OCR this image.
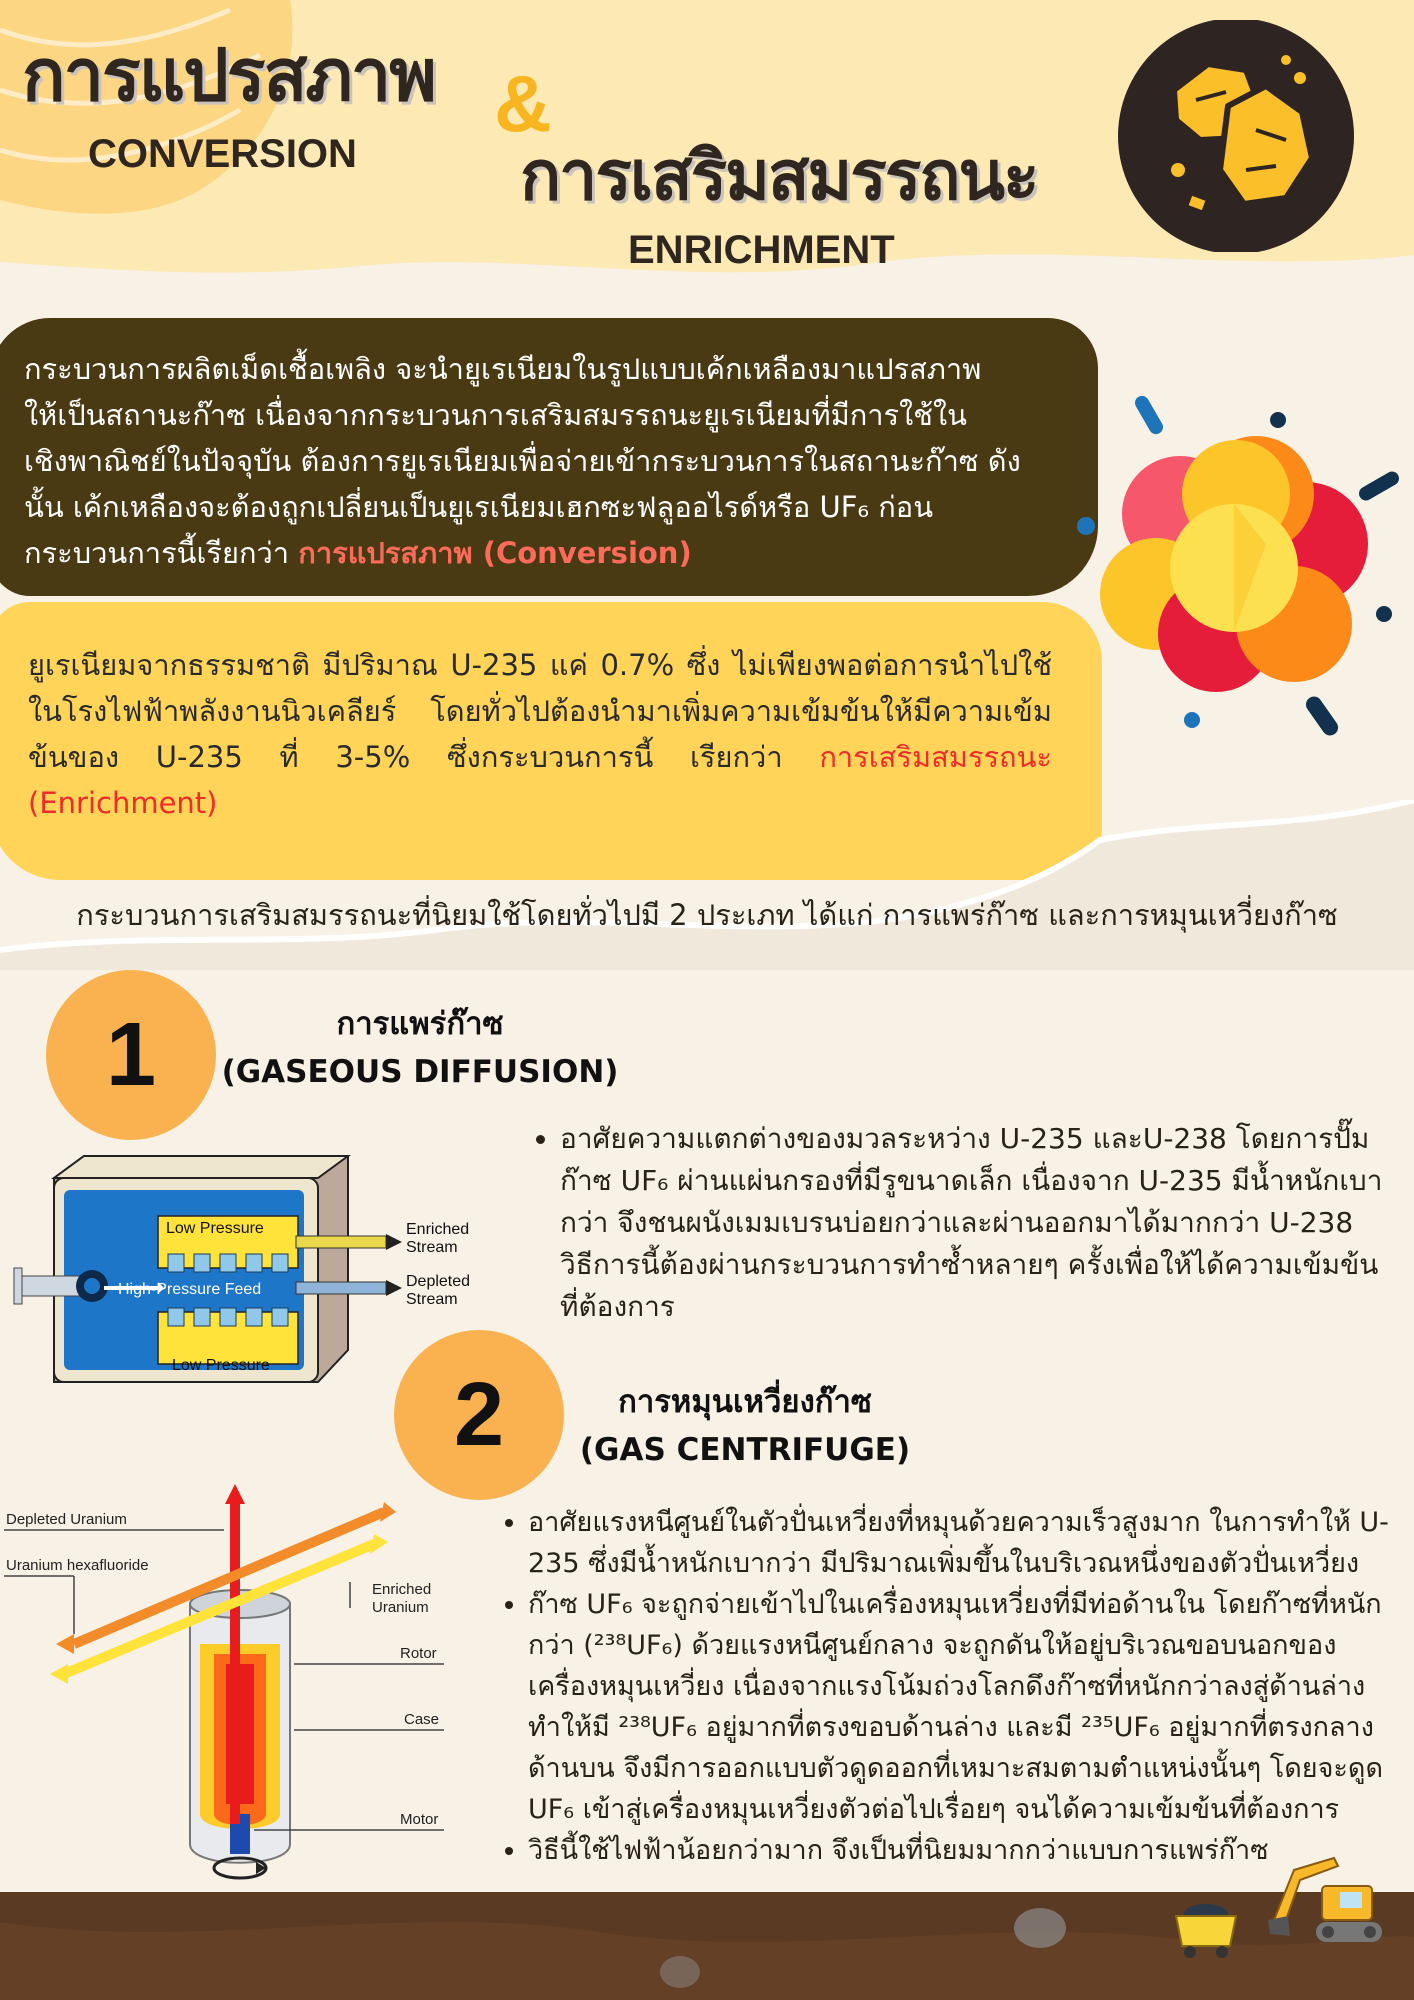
การแปรสภาพ
CONVERSION
&
การเสริมสมรรถนะ
ENRICHMENT
กระบวนการผลิตเม็ดเชื้อเพลิง จะนำยูเรเนียมในรูปแบบเค้กเหลืองมาแปรสภาพ
ให้เป็นสถานะก๊าซ เนื่องจากกระบวนการเสริมสมรรถนะยูเรเนียมที่มีการใช้ใน
เชิงพาณิชย์ในปัจจุบัน ต้องการยูเรเนียมเพื่อจ่ายเข้ากระบวนการในสถานะก๊าซ ดัง
นั้น เค้กเหลืองจะต้องถูกเปลี่ยนเป็นยูเรเนียมเฮกซะฟลูออไรด์หรือ UF₆ ก่อน
กระบวนการนี้เรียกว่า การแปรสภาพ (Conversion)
ยูเรเนียมจากธรรมชาติ มีปริมาณ U-235 แค่ 0.7% ซึ่ง ไม่เพียงพอต่อการนำไปใช้ในโรงไฟฟ้าพลังงานนิวเคลียร์ โดยทั่วไปต้องนำมาเพิ่มความเข้มข้นให้มีความเข้มข้นของ U-235 ที่ 3-5% ซึ่งกระบวนการนี้ เรียกว่า การเสริมสมรรถนะ (Enrichment)
กระบวนการเสริมสมรรถนะที่นิยมใช้โดยทั่วไปมี 2 ประเภท ได้แก่ การแพร่ก๊าซ และการหมุนเหวี่ยงก๊าซ
1	การแพร่ก๊าซ
(GASEOUS DIFFUSION)
Low Pressure
Low Pressure
High-Pressure Feed
Enriched
Stream
Depleted
Stream
• อาศัยความแตกต่างของมวลระหว่าง U-235 และU-238 โดยการปั๊มก๊าซ UF₆ ผ่านแผ่นกรองที่มีรูขนาดเล็ก เนื่องจาก U-235 มีน้ำหนักเบากว่า จึงชนผนังเมมเบรนบ่อยกว่าและผ่านออกมาได้มากกว่า U-238 วิธีการนี้ต้องผ่านกระบวนการทำซ้ำหลายๆ ครั้งเพื่อให้ได้ความเข้มข้นที่ต้องการ
2	การหมุนเหวี่ยงก๊าซ
(GAS CENTRIFUGE)
Depleted Uranium
Uranium hexafluoride
Enriched
Uranium
Rotor
Case
Motor
• อาศัยแรงหนีศูนย์ในตัวปั่นเหวี่ยงที่หมุนด้วยความเร็วสูงมาก ในการทำให้ U-235 ซึ่งมีน้ำหนักเบากว่า มีปริมาณเพิ่มขึ้นในบริเวณหนึ่งของตัวปั่นเหวี่ยง
• ก๊าซ UF₆ จะถูกจ่ายเข้าไปในเครื่องหมุนเหวี่ยงที่มีท่อด้านใน โดยก๊าซที่หนักกว่า (²³⁸UF₆) ด้วยแรงหนีศูนย์กลาง จะถูกดันให้อยู่บริเวณขอบนอกของเครื่องหมุนเหวี่ยง เนื่องจากแรงโน้มถ่วงโลกดึงก๊าซที่หนักกว่าลงสู่ด้านล่าง ทำให้มี ²³⁸UF₆ อยู่มากที่ตรงขอบด้านล่าง และมี ²³⁵UF₆ อยู่มากที่ตรงกลางด้านบน จึงมีการออกแบบตัวดูดออกที่เหมาะสมตามตำแหน่งนั้นๆ โดยจะดูด UF₆ เข้าสู่เครื่องหมุนเหวี่ยงตัวต่อไปเรื่อยๆ จนได้ความเข้มข้นที่ต้องการ
• วิธีนี้ใช้ไฟฟ้าน้อยกว่ามาก จึงเป็นที่นิยมมากกว่าแบบการแพร่ก๊าซ
